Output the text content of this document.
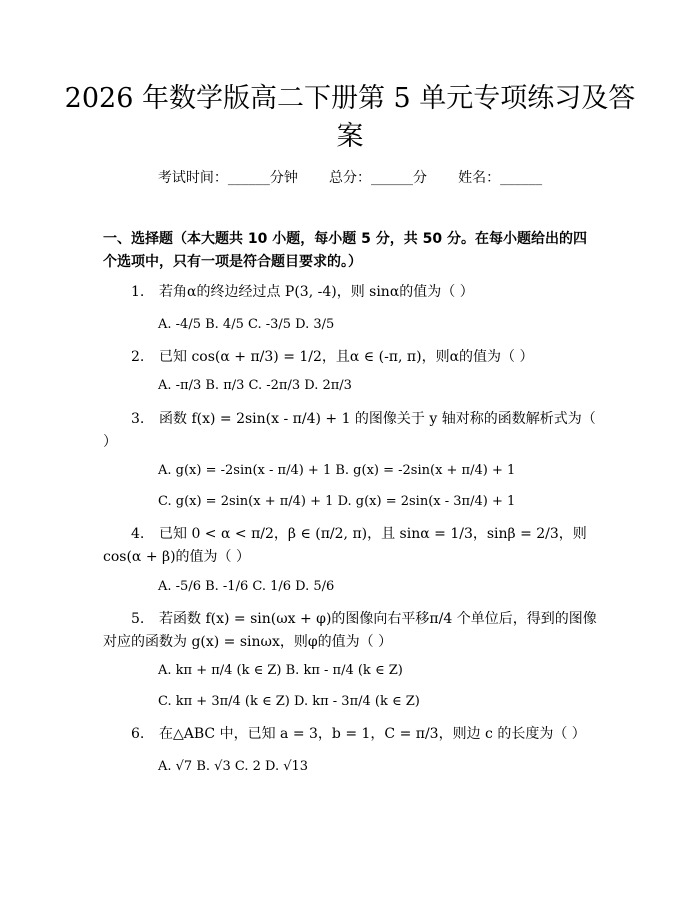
2026 年数学版高二下册第 5 单元专项练习及答案
考试时间：______分钟 总分：______分 姓名：______

一、选择题（本大题共 10 小题，每小题 5 分，共 50 分。在每小题给出的四个选项中，只有一项是符合题目要求的。）

1. 若角α的终边经过点 P(3, -4)，则 sinα的值为（ ）

A. -4/5 B. 4/5 C. -3/5 D. 3/5

2. 已知 cos(α + π/3) = 1/2，且α ∈ (-π, π)，则α的值为（ ）

A. -π/3 B. π/3 C. -2π/3 D. 2π/3

3. 函数 f(x) = 2sin(x - π/4) + 1 的图像关于 y 轴对称的函数解析式为（ ）

A. g(x) = -2sin(x - π/4) + 1 B. g(x) = -2sin(x + π/4) + 1

C. g(x) = 2sin(x + π/4) + 1 D. g(x) = 2sin(x - 3π/4) + 1

4. 已知 0 < α < π/2，β ∈ (π/2, π)，且 sinα = 1/3，sinβ = 2/3，则 cos(α + β)的值为（ ）

A. -5/6 B. -1/6 C. 1/6 D. 5/6

5. 若函数 f(x) = sin(ωx + φ)的图像向右平移π/4 个单位后，得到的图像对应的函数为 g(x) = sinωx，则φ的值为（ ）

A. kπ + π/4 (k ∈ Z) B. kπ - π/4 (k ∈ Z)

C. kπ + 3π/4 (k ∈ Z) D. kπ - 3π/4 (k ∈ Z)

6. 在△ABC 中，已知 a = 3，b = 1，C = π/3，则边 c 的长度为（ ）

A. √7 B. √3 C. 2 D. √13
